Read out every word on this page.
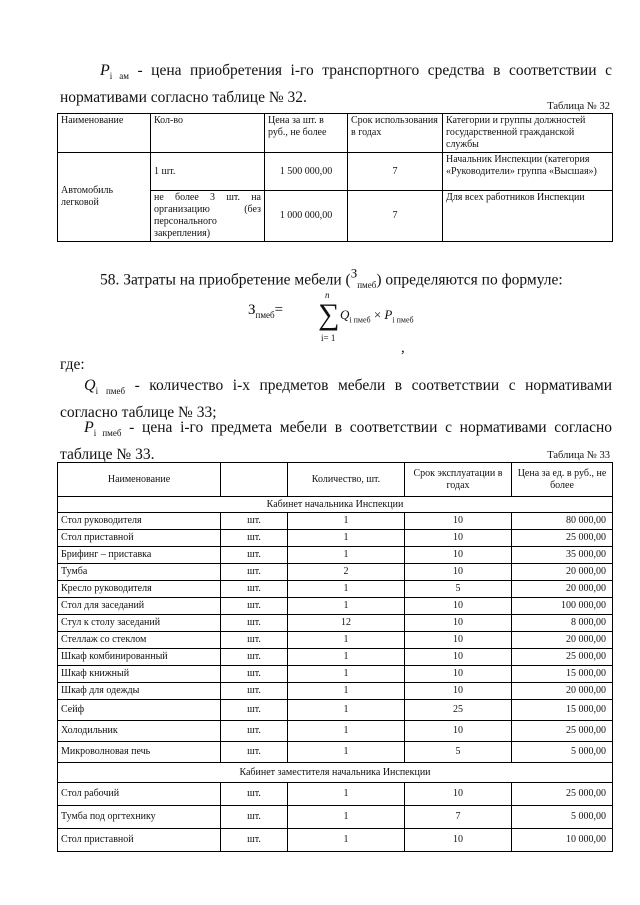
$P_{i ам}$ - цена приобретения i-го транспортного средства в соответствии с нормативами согласно таблице № 32.

Таблица № 32
Наименование	Кол-во	Цена за шт. в руб., не более	Срок использования в годах	Категории и группы должностей государственной гражданской службы
Автомобиль легковой	1 шт.	1 500 000,00	7	Начальник Инспекции (категория «Руководители» группа «Высшая»)
	не более 3 шт. на организацию (без персонального закрепления)	1 000 000,00	7	Для всех работников Инспекции

58. Затраты на приобретение мебели ($^З_{пмеб}$) определяются по формуле:

$З_{пмеб}=$
n
∑
i= 1
$Q_{i пмеб} \times P_{i пмеб}$
,

где:

$Q_{i пмеб}$ - количество i-х предметов мебели в соответствии с нормативами согласно таблице № 33;

$P_{i пмеб}$ - цена i-го предмета мебели в соответствии с нормативами согласно таблице № 33.	Таблица № 33
Наименование		Количество, шт.	Срок эксплуатации в годах	Цена за ед. в руб., не более
Кабинет начальника Инспекции				
Стол руководителя	шт.	1	10	80 000,00
Стол приставной	шт.	1	10	25 000,00
Брифинг – приставка	шт.	1	10	35 000,00
Тумба	шт.	2	10	20 000,00
Кресло руководителя	шт.	1	5	20 000,00
Стол для заседаний	шт.	1	10	100 000,00
Стул к столу заседаний	шт.	12	10	8 000,00
Стеллаж со стеклом	шт.	1	10	20 000,00
Шкаф комбинированный	шт.	1	10	25 000,00
Шкаф книжный	шт.	1	10	15 000,00
Шкаф для одежды	шт.	1	10	20 000,00
Сейф	шт.	1	25	15 000,00
Холодильник	шт.	1	10	25 000,00
Микроволновая печь	шт.	1	5	5 000,00
Кабинет заместителя начальника Инспекции				
Стол рабочий	шт.	1	10	25 000,00
Тумба под оргтехнику	шт.	1	7	5 000,00
Стол приставной	шт.	1	10	10 000,00
